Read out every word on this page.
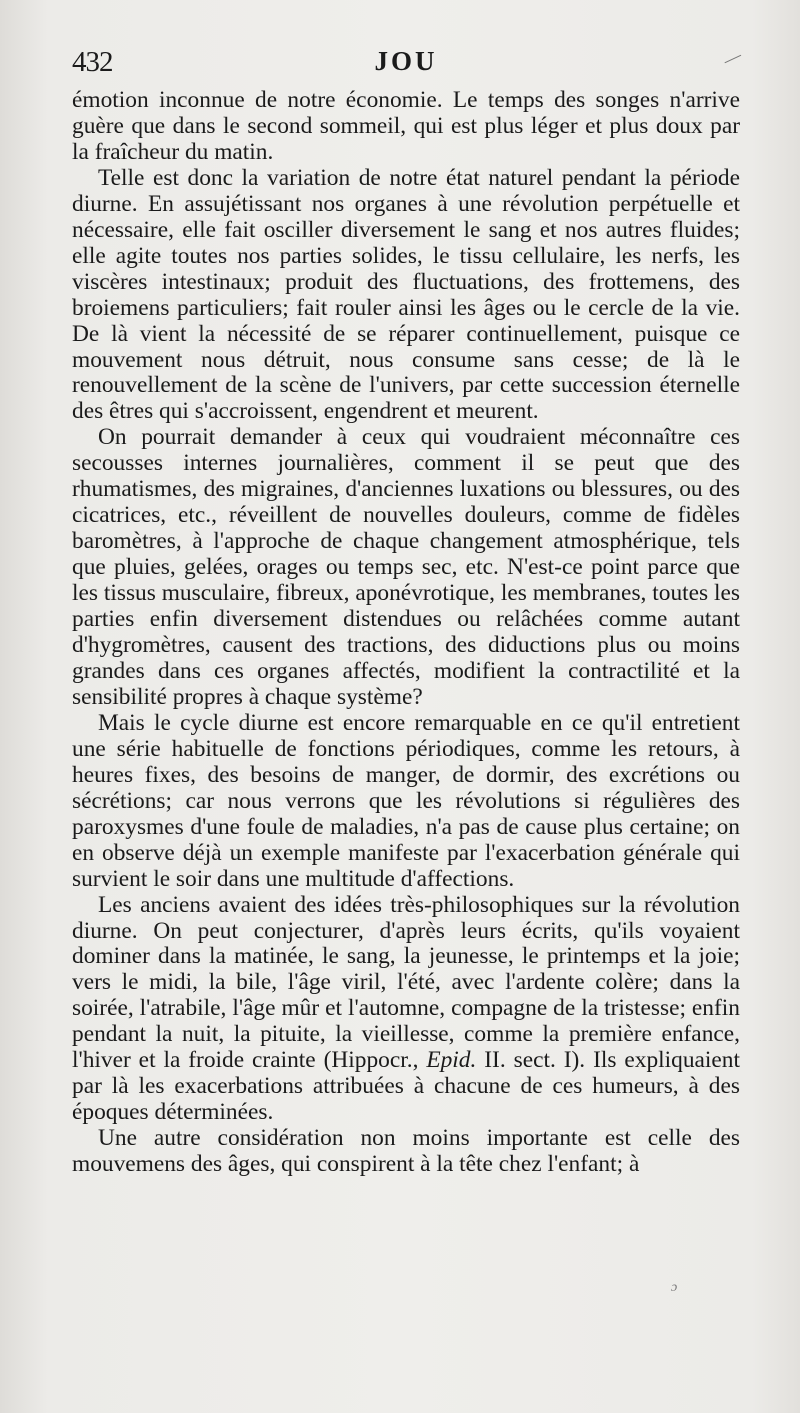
432	JOU

émotion inconnue de notre économie. Le temps des songes n'arrive guère que dans le second sommeil, qui est plus léger et plus doux par la fraîcheur du matin.

Telle est donc la variation de notre état naturel pendant la période diurne. En assujétissant nos organes à une révolution perpétuelle et nécessaire, elle fait osciller diversement le sang et nos autres fluides; elle agite toutes nos parties solides, le tissu cellulaire, les nerfs, les viscères intestinaux; produit des fluctuations, des frottemens, des broiemens particuliers; fait rouler ainsi les âges ou le cercle de la vie. De là vient la nécessité de se réparer continuellement, puisque ce mouvement nous détruit, nous consume sans cesse; de là le renouvellement de la scène de l'univers, par cette succession éternelle des êtres qui s'accroissent, engendrent et meurent.

On pourrait demander à ceux qui voudraient méconnaître ces secousses internes journalières, comment il se peut que des rhumatismes, des migraines, d'anciennes luxations ou blessures, ou des cicatrices, etc., réveillent de nouvelles douleurs, comme de fidèles baromètres, à l'approche de chaque changement atmosphérique, tels que pluies, gelées, orages ou temps sec, etc. N'est-ce point parce que les tissus musculaire, fibreux, aponévrotique, les membranes, toutes les parties enfin diversement distendues ou relâchées comme autant d'hygromètres, causent des tractions, des diductions plus ou moins grandes dans ces organes affectés, modifient la contractilité et la sensibilité propres à chaque système?

Mais le cycle diurne est encore remarquable en ce qu'il entretient une série habituelle de fonctions périodiques, comme les retours, à heures fixes, des besoins de manger, de dormir, des excrétions ou sécrétions; car nous verrons que les révolutions si régulières des paroxysmes d'une foule de maladies, n'a pas de cause plus certaine; on en observe déjà un exemple manifeste par l'exacerbation générale qui survient le soir dans une multitude d'affections.

Les anciens avaient des idées très-philosophiques sur la révolution diurne. On peut conjecturer, d'après leurs écrits, qu'ils voyaient dominer dans la matinée, le sang, la jeunesse, le printemps et la joie; vers le midi, la bile, l'âge viril, l'été, avec l'ardente colère; dans la soirée, l'atrabile, l'âge mûr et l'automne, compagne de la tristesse; enfin pendant la nuit, la pituite, la vieillesse, comme la première enfance, l'hiver et la froide crainte (Hippocr., Epid. II. sect. I). Ils expliquaient par là les exacerbations attribuées à chacune de ces humeurs, à des époques déterminées.

Une autre considération non moins importante est celle des mouvemens des âges, qui conspirent à la tête chez l'enfant; à

ɔ
